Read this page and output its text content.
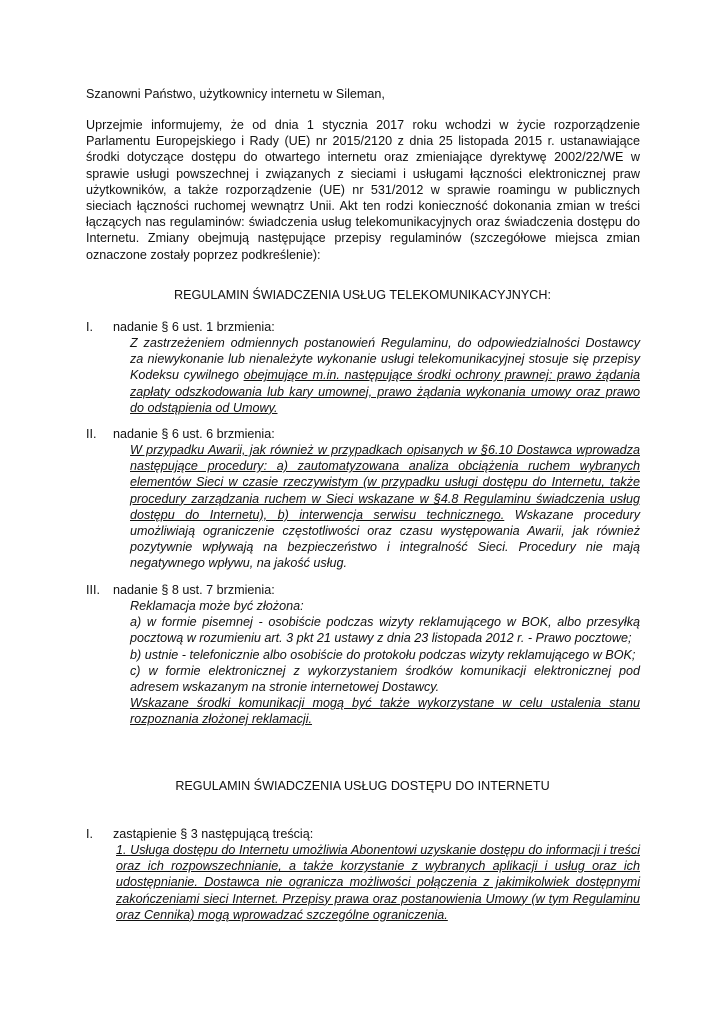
Szanowni Państwo, użytkownicy internetu w Sileman,
Uprzejmie informujemy, że od dnia 1 stycznia 2017 roku wchodzi w życie rozporządzenie Parlamentu Europejskiego i Rady (UE) nr 2015/2120 z dnia 25 listopada 2015 r. ustanawiające środki dotyczące dostępu do otwartego internetu oraz zmieniające dyrektywę 2002/22/WE w sprawie usługi powszechnej i związanych z sieciami i usługami łączności elektronicznej praw użytkowników, a także rozporządzenie (UE) nr 531/2012 w sprawie roamingu w publicznych sieciach łączności ruchomej wewnątrz Unii. Akt ten rodzi konieczność dokonania zmian w treści łączących nas regulaminów: świadczenia usług telekomunikacyjnych oraz świadczenia dostępu do Internetu. Zmiany obejmują następujące przepisy regulaminów (szczegółowe miejsca zmian oznaczone zostały poprzez podkreślenie):
REGULAMIN ŚWIADCZENIA USŁUG TELEKOMUNIKACYJNYCH:
I.	nadanie § 6 ust. 1 brzmienia:
Z zastrzeżeniem odmiennych postanowień Regulaminu, do odpowiedzialności Dostawcy za niewykonanie lub nienależyte wykonanie usługi telekomunikacyjnej stosuje się przepisy Kodeksu cywilnego obejmujące m.in. następujące środki ochrony prawnej: prawo żądania zapłaty odszkodowania lub kary umownej, prawo żądania wykonania umowy oraz prawo do odstąpienia od Umowy.
II.	nadanie § 6 ust. 6 brzmienia:
W przypadku Awarii, jak również w przypadkach opisanych w §6.10 Dostawca wprowadza następujące procedury: a) zautomatyzowana analiza obciążenia ruchem wybranych elementów Sieci w czasie rzeczywistym (w przypadku usługi dostępu do Internetu, także procedury zarządzania ruchem w Sieci wskazane w §4.8 Regulaminu świadczenia usług dostępu do Internetu), b) interwencja serwisu technicznego. Wskazane procedury umożliwiają ograniczenie częstotliwości oraz czasu występowania Awarii, jak również pozytywnie wpływają na bezpieczeństwo i integralność Sieci. Procedury nie mają negatywnego wpływu, na jakość usług.
III.	nadanie § 8 ust. 7 brzmienia:
Reklamacja może być złożona:
a) w formie pisemnej - osobiście podczas wizyty reklamującego w BOK, albo przesyłką pocztową w rozumieniu art. 3 pkt 21 ustawy z dnia 23 listopada 2012 r. - Prawo pocztowe;
b) ustnie - telefonicznie albo osobiście do protokołu podczas wizyty reklamującego w BOK;
c) w formie elektronicznej z wykorzystaniem środków komunikacji elektronicznej pod adresem wskazanym na stronie internetowej Dostawcy.
Wskazane środki komunikacji mogą być także wykorzystane w celu ustalenia stanu rozpoznania złożonej reklamacji.
REGULAMIN ŚWIADCZENIA USŁUG DOSTĘPU DO INTERNETU
I.	zastąpienie § 3 następującą treścią:
1. Usługa dostępu do Internetu umożliwia Abonentowi uzyskanie dostępu do informacji i treści oraz ich rozpowszechnianie, a także korzystanie z wybranych aplikacji i usług oraz ich udostępnianie. Dostawca nie ogranicza możliwości połączenia z jakimikolwiek dostępnymi zakończeniami sieci Internet. Przepisy prawa oraz postanowienia Umowy (w tym Regulaminu oraz Cennika) mogą wprowadzać szczególne ograniczenia.
